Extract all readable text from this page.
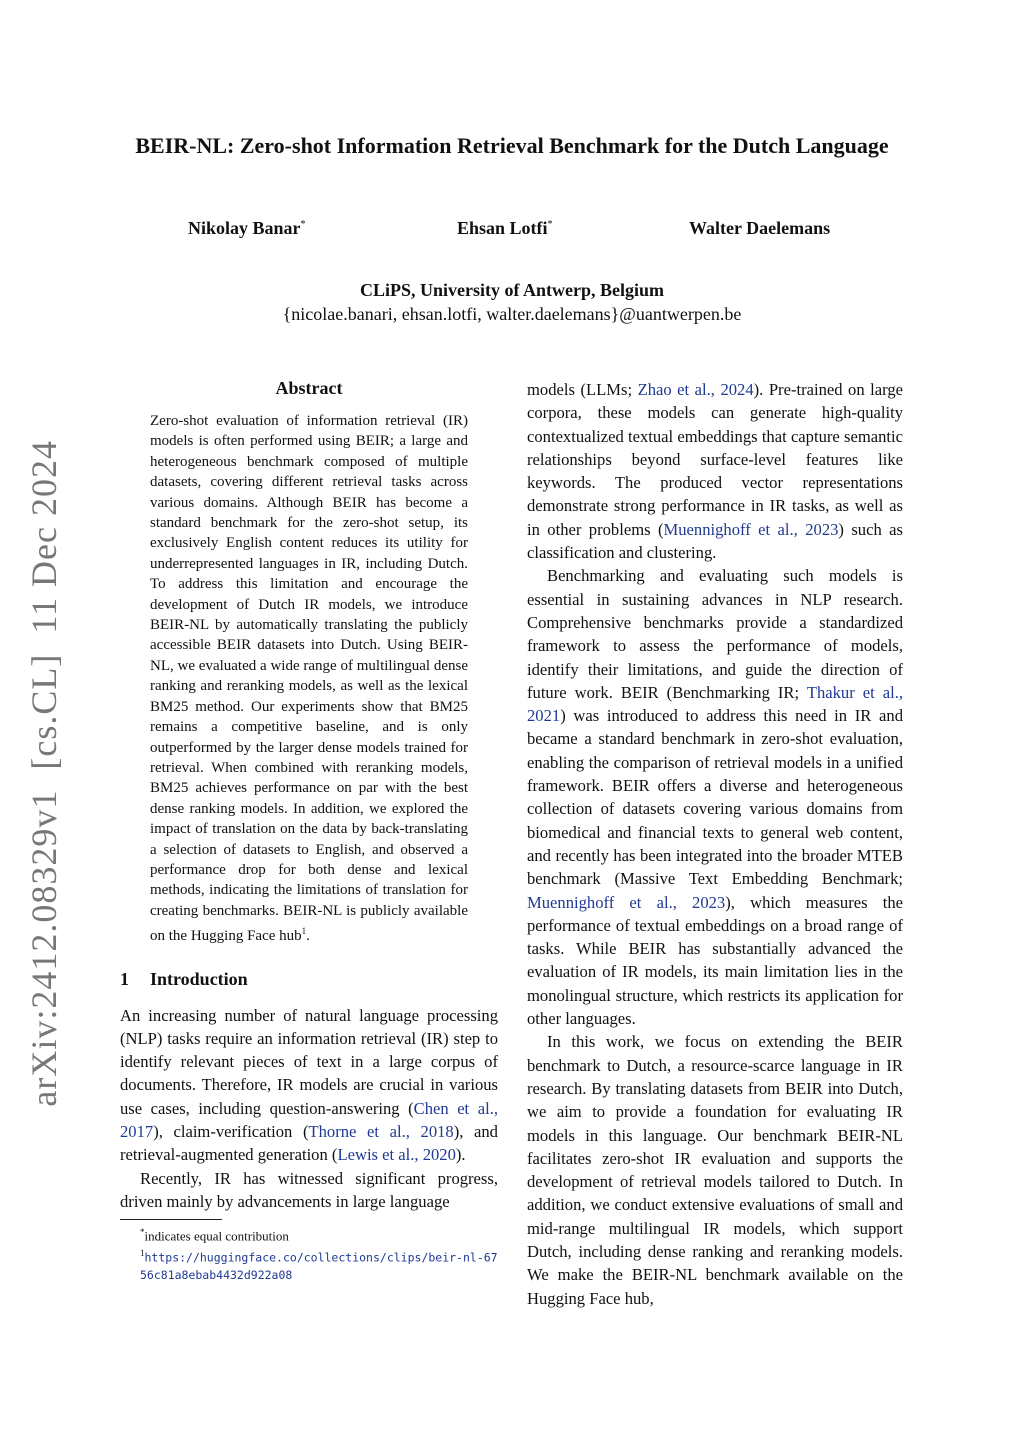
arXiv:2412.08329v1

[cs.CL]

11 Dec 2024
BEIR-NL: Zero-shot Information Retrieval Benchmark for the Dutch Language
Nikolay Banar*	Ehsan Lotfi*	Walter Daelemans
CLiPS, University of Antwerp, Belgium
{nicolae.banari, ehsan.lotfi, walter.daelemans}@uantwerpen.be
Abstract

Zero-shot evaluation of information retrieval (IR) models is often performed using BEIR; a large and heterogeneous benchmark composed of multiple datasets, covering different retrieval tasks across various domains. Although BEIR has become a standard benchmark for the zero-shot setup, its exclusively English content reduces its utility for underrepresented languages in IR, including Dutch. To address this limitation and encourage the development of Dutch IR models, we introduce BEIR-NL by automatically translating the publicly accessible BEIR datasets into Dutch. Using BEIR-NL, we evaluated a wide range of multilingual dense ranking and reranking models, as well as the lexical BM25 method. Our experiments show that BM25 remains a competitive baseline, and is only outperformed by the larger dense models trained for retrieval. When combined with reranking models, BM25 achieves performance on par with the best dense ranking models. In addition, we explored the impact of translation on the data by back-translating a selection of datasets to English, and observed a performance drop for both dense and lexical methods, indicating the limitations of translation for creating benchmarks. BEIR-NL is publicly available on the Hugging Face hub$^1$.

1 Introduction

An increasing number of natural language processing (NLP) tasks require an information retrieval (IR) step to identify relevant pieces of text in a large corpus of documents. Therefore, IR models are crucial in various use cases, including question-answering (Chen et al., 2017), claim-verification (Thorne et al., 2018), and retrieval-augmented generation (Lewis et al., 2020).

Recently, IR has witnessed significant progress, driven mainly by advancements in large language

*indicates equal contribution

$^1$https://huggingface.co/collections/clips/beir-nl-6756c81a8ebab4432d922a08

models (LLMs; Zhao et al., 2024). Pre-trained on large corpora, these models can generate high-quality contextualized textual embeddings that capture semantic relationships beyond surface-level features like keywords. The produced vector representations demonstrate strong performance in IR tasks, as well as in other problems (Muennighoff et al., 2023) such as classification and clustering.

Benchmarking and evaluating such models is essential in sustaining advances in NLP research. Comprehensive benchmarks provide a standardized framework to assess the performance of models, identify their limitations, and guide the direction of future work. BEIR (Benchmarking IR; Thakur et al., 2021) was introduced to address this need in IR and became a standard benchmark in zero-shot evaluation, enabling the comparison of retrieval models in a unified framework. BEIR offers a diverse and heterogeneous collection of datasets covering various domains from biomedical and financial texts to general web content, and recently has been integrated into the broader MTEB benchmark (Massive Text Embedding Benchmark; Muennighoff et al., 2023), which measures the performance of textual embeddings on a broad range of tasks. While BEIR has substantially advanced the evaluation of IR models, its main limitation lies in the monolingual structure, which restricts its application for other languages.

In this work, we focus on extending the BEIR benchmark to Dutch, a resource-scarce language in IR research. By translating datasets from BEIR into Dutch, we aim to provide a foundation for evaluating IR models in this language. Our benchmark BEIR-NL facilitates zero-shot IR evaluation and supports the development of retrieval models tailored to Dutch. In addition, we conduct extensive evaluations of small and mid-range multilingual IR models, which support Dutch, including dense ranking and reranking models. We make the BEIR-NL benchmark available on the Hugging Face hub,
